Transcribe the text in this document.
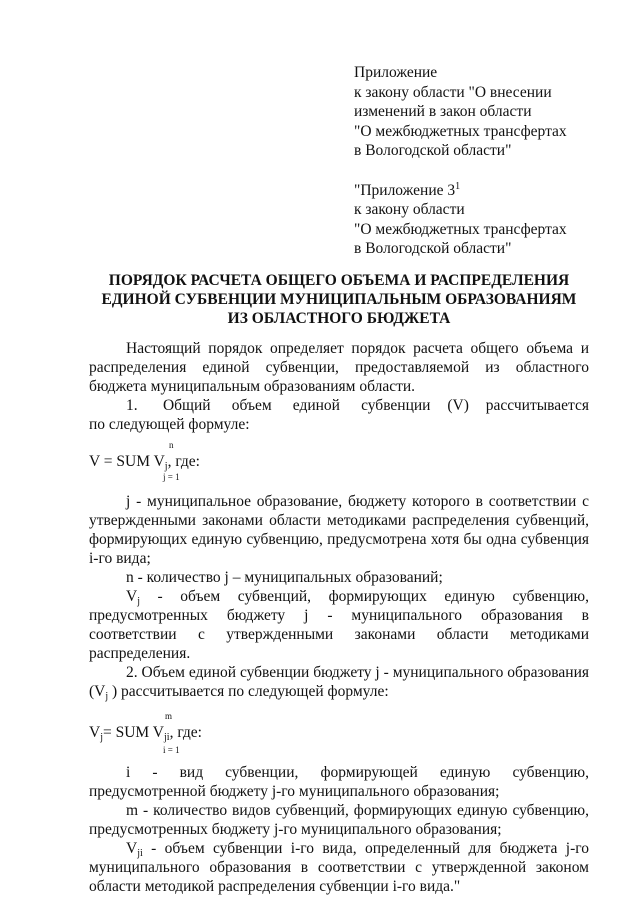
Приложение
к закону области "О внесении
изменений в закон области
"О межбюджетных трансфертах
в Вологодской области"
"Приложение $3^1$
к закону области
"О межбюджетных трансфертах
в Вологодской области"
ПОРЯДОК РАСЧЕТА ОБЩЕГО ОБЪЕМА И РАСПРЕДЕЛЕНИЯ
ЕДИНОЙ СУБВЕНЦИИ МУНИЦИПАЛЬНЫМ ОБРАЗОВАНИЯМ
ИЗ ОБЛАСТНОГО БЮДЖЕТА

Настоящий порядок определяет порядок расчета общего объема и распределения единой субвенции, предоставляемой из областного бюджета муниципальным образованиям области.

1.      Общий     объем     единой     субвенции    (V)    рассчитывается по следующей формуле:

n
V = SUM $V_j$, где:
j = 1

j - муниципальное образование, бюджету которого в соответствии с утвержденными законами области методиками распределения субвенций, формирующих единую субвенцию, предусмотрена хотя бы одна субвенция i-го вида;

n - количество j – муниципальных образований;

$V_j$ - объем субвенций, формирующих единую субвенцию, предусмотренных бюджету j - муниципального образования в соответствии с утвержденными законами области методиками распределения.

2. Объем единой субвенции бюджету j - муниципального образования ($V_j$ ) рассчитывается по следующей формуле:

m
$V_j=$ SUM $V_{ji}$, где:
i = 1

i - вид субвенции, формирующей единую субвенцию, предусмотренной бюджету j-го муниципального образования;

m - количество видов субвенций, формирующих единую субвенцию, предусмотренных бюджету j-го муниципального образования;

$V_{ji}$ - объем субвенции i-го вида, определенный для бюджета j-го муниципального образования в соответствии с утвержденной законом области методикой распределения субвенции i-го вида."
